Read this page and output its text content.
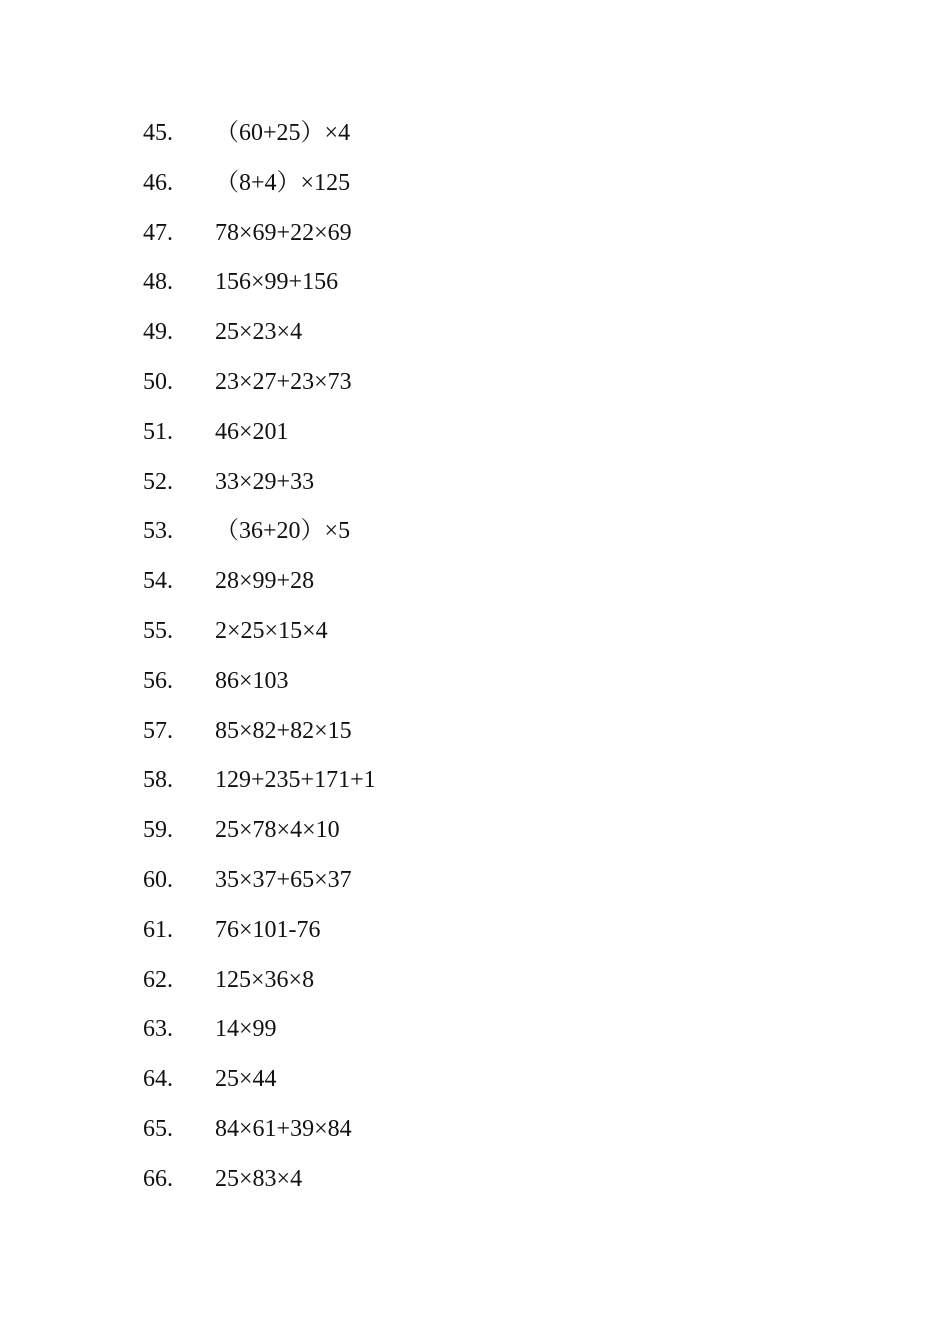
45.	（60+25）×4
46.	（8+4）×125
47.	78×69+22×69
48.	156×99+156
49.	25×23×4
50.	23×27+23×73
51.	46×201
52.	33×29+33
53.	（36+20）×5
54.	28×99+28
55.	2×25×15×4
56.	86×103
57.	85×82+82×15
58.	129+235+171+1
59.	25×78×4×10
60.	35×37+65×37
61.	76×101-76
62.	125×36×8
63.	14×99
64.	25×44
65.	84×61+39×84
66.	25×83×4
